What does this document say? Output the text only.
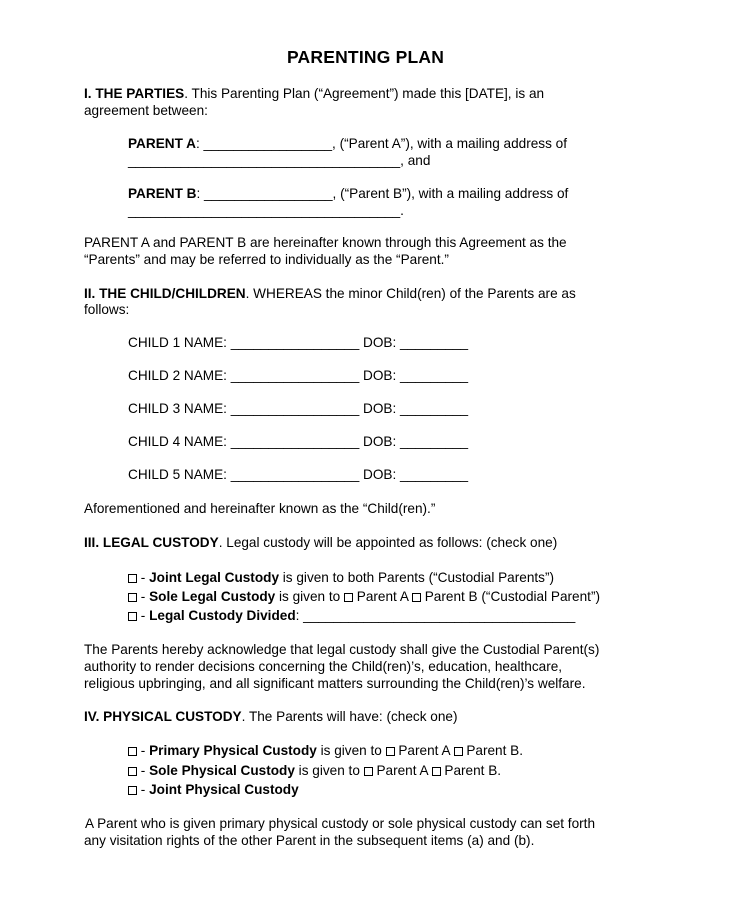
PARENTING PLAN
I. THE PARTIES. This Parenting Plan (“Agreement”) made this [DATE], is an
agreement between:
PARENT A: _________________, (“Parent A”), with a mailing address of
____________________________________, and
PARENT B: _________________, (“Parent B”), with a mailing address of
____________________________________.
PARENT A and PARENT B are hereinafter known through this Agreement as the
“Parents” and may be referred to individually as the “Parent.”
II. THE CHILD/CHILDREN. WHEREAS the minor Child(ren) of the Parents are as
follows:
CHILD 1 NAME: _________________ DOB: _________
CHILD 2 NAME: _________________ DOB: _________
CHILD 3 NAME: _________________ DOB: _________
CHILD 4 NAME: _________________ DOB: _________
CHILD 5 NAME: _________________ DOB: _________
Aforementioned and hereinafter known as the “Child(ren).”
III. LEGAL CUSTODY. Legal custody will be appointed as follows: (check one)
- Joint Legal Custody is given to both Parents (“Custodial Parents”)
- Sole Legal Custody is given to  Parent A  Parent B (“Custodial Parent”)
- Legal Custody Divided: ____________________________________
The Parents hereby acknowledge that legal custody shall give the Custodial Parent(s)
authority to render decisions concerning the Child(ren)’s, education, healthcare,
religious upbringing, and all significant matters surrounding the Child(ren)’s welfare.
IV. PHYSICAL CUSTODY. The Parents will have: (check one)
- Primary Physical Custody is given to  Parent A  Parent B.
- Sole Physical Custody is given to  Parent A  Parent B.
- Joint Physical Custody
A Parent who is given primary physical custody or sole physical custody can set forth
any visitation rights of the other Parent in the subsequent items (a) and (b).
